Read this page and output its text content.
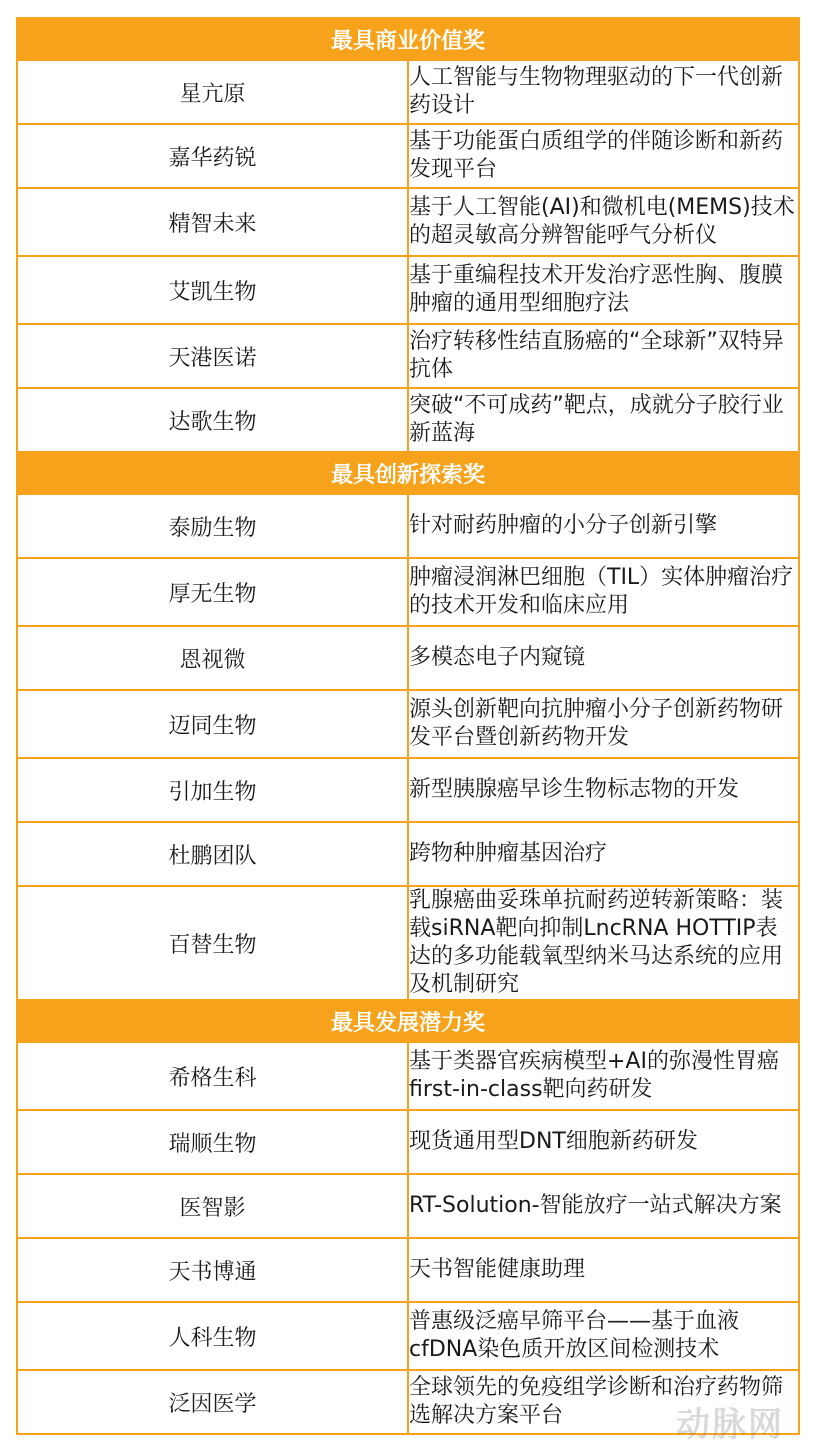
最具商业价值奖	
星亢原	人工智能与生物物理驱动的下一代创新药设计
嘉华药锐	基于功能蛋白质组学的伴随诊断和新药发现平台
精智未来	基于人工智能(AI)和微机电(MEMS)技术的超灵敏高分辨智能呼气分析仪
艾凯生物	基于重编程技术开发治疗恶性胸、腹膜肿瘤的通用型细胞疗法
天港医诺	治疗转移性结直肠癌的“全球新”双特异抗体
达歌生物	突破“不可成药”靶点，成就分子胶行业新蓝海
最具创新探索奖	
泰励生物	针对耐药肿瘤的小分子创新引擎
厚无生物	肿瘤浸润淋巴细胞（TIL）实体肿瘤治疗的技术开发和临床应用
恩视微	多模态电子内窥镜
迈同生物	源头创新靶向抗肿瘤小分子创新药物研发平台暨创新药物开发
引加生物	新型胰腺癌早诊生物标志物的开发
杜鹏团队	跨物种肿瘤基因治疗
百替生物	乳腺癌曲妥珠单抗耐药逆转新策略：装载siRNA靶向抑制LncRNA HOTTIP表达的多功能载氧型纳米马达系统的应用及机制研究
最具发展潜力奖	
希格生科	基于类器官疾病模型+AI的弥漫性胃癌first-in-class靶向药研发
瑞顺生物	现货通用型DNT细胞新药研发
医智影	RT-Solution-智能放疗一站式解决方案
天书博通	天书智能健康助理
人科生物	普惠级泛癌早筛平台——基于血液cfDNA染色质开放区间检测技术
泛因医学	全球领先的免疫组学诊断和治疗药物筛选解决方案平台	动脉网
